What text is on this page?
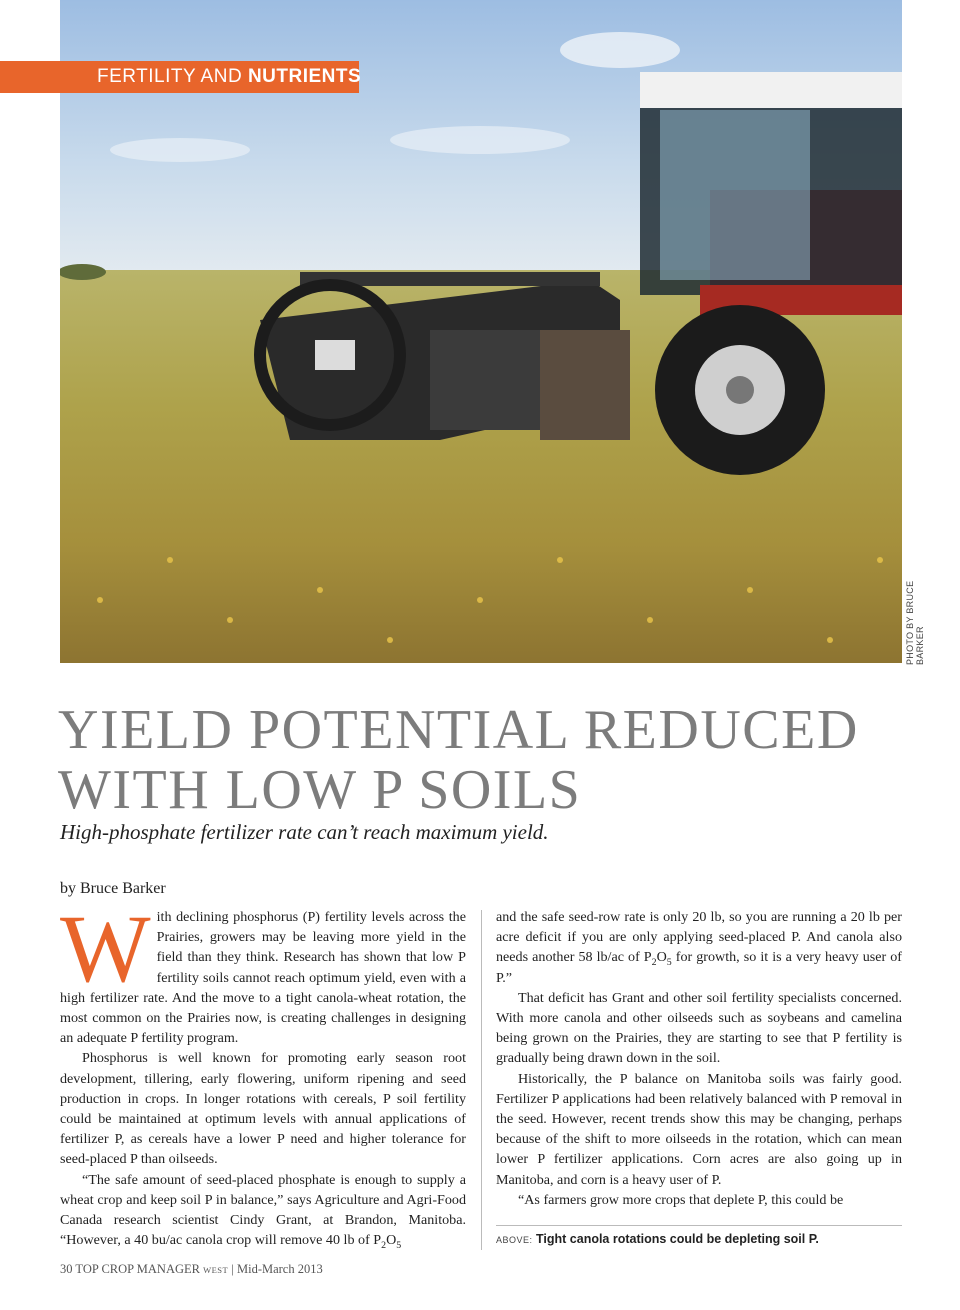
FERTILITY AND NUTRIENTS
PHOTO BY BRUCE BARKER
YIELD POTENTIAL REDUCED
WITH LOW P SOILS

High-phosphate fertilizer rate can’t reach maximum yield.

by Bruce Barker

With declining phosphorus (P) fertility levels across the Prairies, growers may be leaving more yield in the field than they think. Research has shown that low P fertility soils cannot reach optimum yield, even with a high fertilizer rate. And the move to a tight canola-wheat rotation, the most common on the Prairies now, is creating challenges in designing an adequate P fertility program.

Phosphorus is well known for promoting early season root development, tillering, early flowering, uniform ripening and seed production in crops. In longer rotations with cereals, P soil fertility could be maintained at optimum levels with annual applications of fertilizer P, as cereals have a lower P need and higher tolerance for seed-placed P than oilseeds.

“The safe amount of seed-placed phosphate is enough to supply a wheat crop and keep soil P in balance,” says Agriculture and Agri-Food Canada research scientist Cindy Grant, at Brandon, Manitoba. “However, a 40 bu/ac canola crop will remove 40 lb of $P_2O_5$

and the safe seed-row rate is only 20 lb, so you are running a 20 lb per acre deficit if you are only applying seed-placed P. And canola also needs another 58 lb/ac of $P_2O_5$ for growth, so it is a very heavy user of P.”

That deficit has Grant and other soil fertility specialists concerned. With more canola and other oilseeds such as soybeans and camelina being grown on the Prairies, they are starting to see that P fertility is gradually being drawn down in the soil.

Historically, the P balance on Manitoba soils was fairly good. Fertilizer P applications had been relatively balanced with P removal in the seed. However, recent trends show this may be changing, perhaps because of the shift to more oilseeds in the rotation, which can mean lower P fertilizer applications. Corn acres are also going up in Manitoba, and corn is a heavy user of P.

“As farmers grow more crops that deplete P, this could be

ABOVE: Tight canola rotations could be depleting soil P.
30 TOP CROP MANAGER WEST | Mid-March 2013
